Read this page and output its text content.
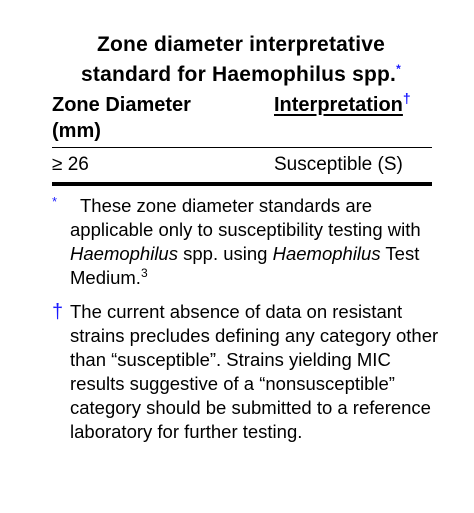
Zone diameter interpretative
standard for Haemophilus spp.*
Zone Diameter (mm)
Interpretation†
≥ 26	Susceptible (S)
*	These zone diameter standards are applicable only to susceptibility testing with Haemophilus spp. using Haemophilus Test Medium.$^3$
† The current absence of data on resistant strains precludes defining any category other than “susceptible”. Strains yielding MIC results suggestive of a “nonsusceptible” category should be submitted to a reference laboratory for further testing.
